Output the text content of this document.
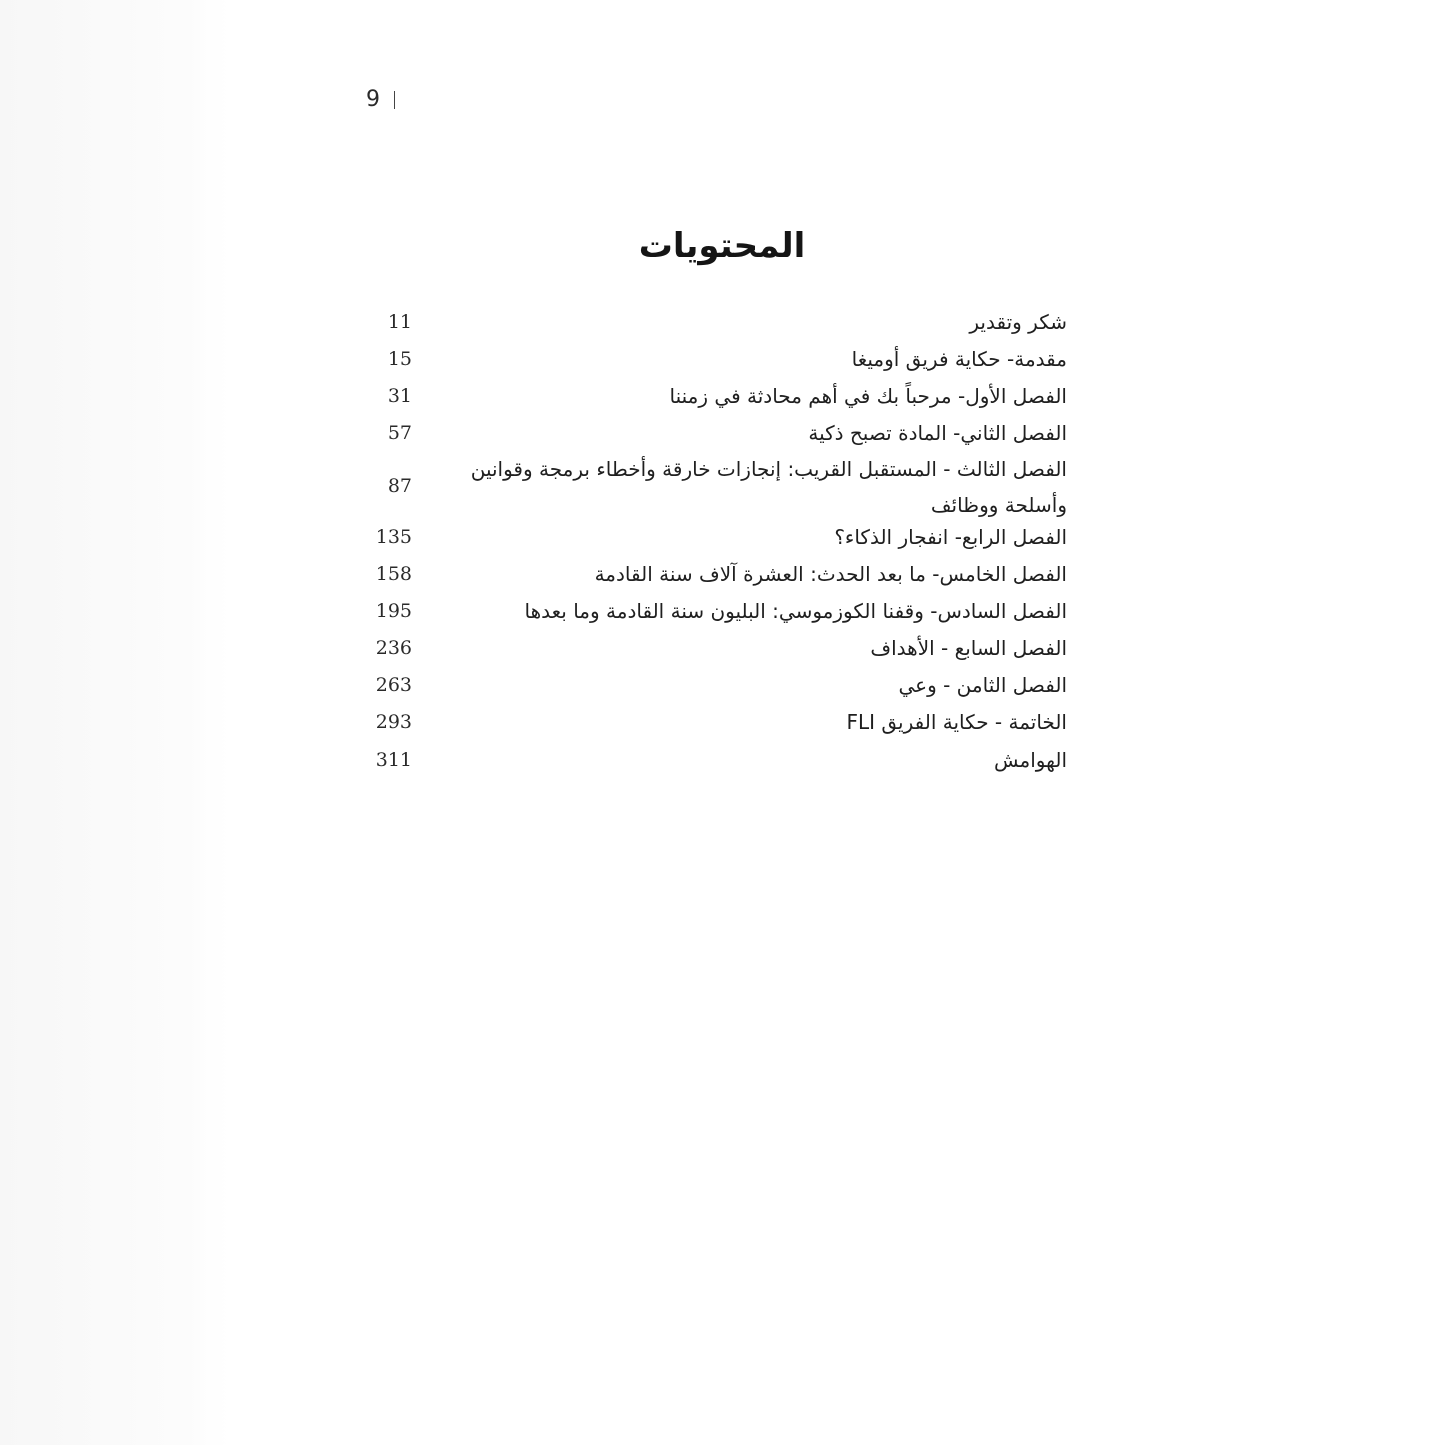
9
المحتويات
شكر وتقدير
11
مقدمة- حكاية فريق أوميغا
15
الفصل الأول- مرحباً بك في أهم محادثة في زمننا
31
الفصل الثاني- المادة تصبح ذكية
57
الفصل الثالث - المستقبل القريب: إنجازات خارقة وأخطاء برمجة وقوانين وأسلحة ووظائف
87
الفصل الرابع- انفجار الذكاء؟
135
الفصل الخامس- ما بعد الحدث: العشرة آلاف سنة القادمة
158
الفصل السادس- وقفنا الكوزموسي: البليون سنة القادمة وما بعدها
195
الفصل السابع - الأهداف
236
الفصل الثامن - وعي
263
الخاتمة - حكاية الفريق FLI
293
الهوامش
311
